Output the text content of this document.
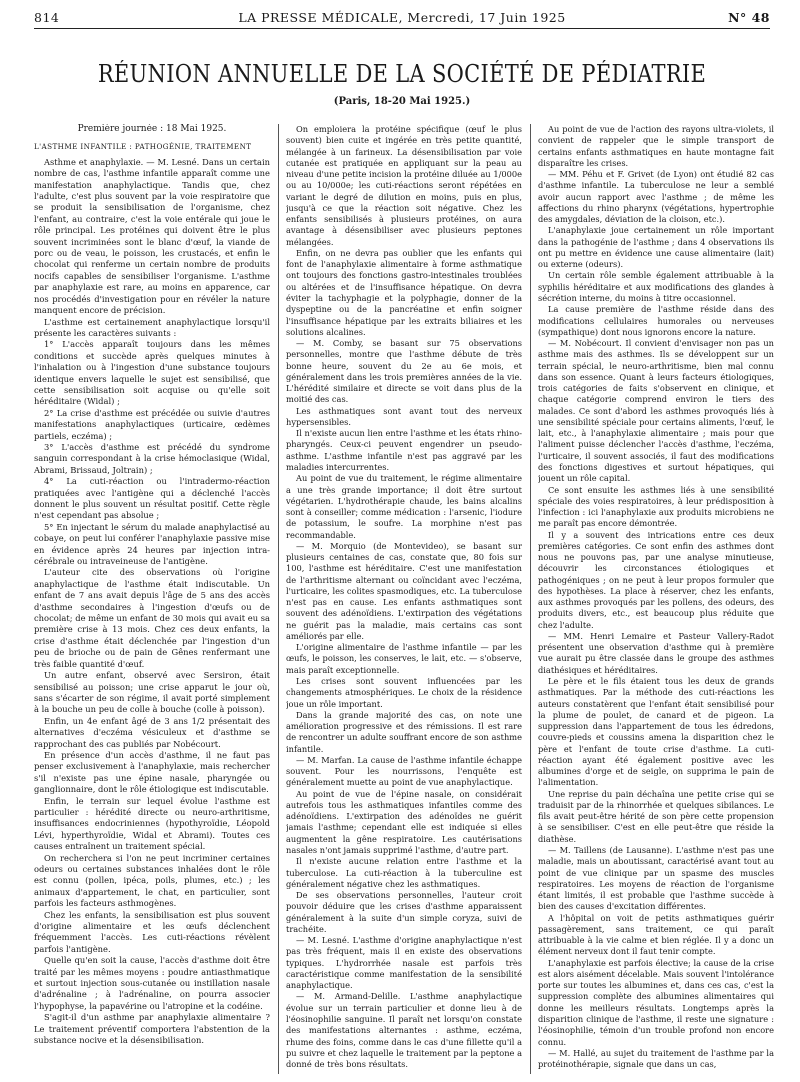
814	LA PRESSE MÉDICALE, Mercredi, 17 Juin 1925	N° 48
RÉUNION ANNUELLE DE LA SOCIÉTÉ DE PÉDIATRIE
(Paris, 18-20 Mai 1925.)
Première journée : 18 Mai 1925.
L'ASTHME INFANTILE : PATHOGÉNIE, TRAITEMENT

Asthme et anaphylaxie. — M. Lesné. Dans un certain nombre de cas, l'asthme infantile apparaît comme une manifestation anaphylactique. Tandis que, chez l'adulte, c'est plus souvent par la voie respiratoire que se produit la sensibilisation de l'organisme, chez l'enfant, au contraire, c'est la voie entérale qui joue le rôle principal. Les protéines qui doivent être le plus souvent incriminées sont le blanc d'œuf, la viande de porc ou de veau, le poisson, les crustacés, et enfin le chocolat qui renferme un certain nombre de produits nocifs capables de sensibiliser l'organisme. L'asthme par anaphylaxie est rare, au moins en apparence, car nos procédés d'investigation pour en révéler la nature manquent encore de précision.

L'asthme est certainement anaphylactique lorsqu'il présente les caractères suivants :

1° L'accès apparaît toujours dans les mêmes conditions et succède après quelques minutes à l'inhalation ou à l'ingestion d'une substance toujours identique envers laquelle le sujet est sensibilisé, que cette sensibilisation soit acquise ou qu'elle soit héréditaire (Widal) ;

2° La crise d'asthme est précédée ou suivie d'autres manifestations anaphylactiques (urticaire, œdèmes partiels, eczéma) ;

3° L'accès d'asthme est précédé du syndrome sanguin correspondant à la crise hémoclasique (Widal, Abrami, Brissaud, Joltrain) ;

4° La cuti-réaction ou l'intradermo-réaction pratiquées avec l'antigène qui a déclenché l'accès donnent le plus souvent un résultat positif. Cette règle n'est cependant pas absolue ;

5° En injectant le sérum du malade anaphylactisé au cobaye, on peut lui conférer l'anaphylaxie passive mise en évidence après 24 heures par injection intra-cérébrale ou intraveineuse de l'antigène.

L'auteur cite des observations où l'origine anaphylactique de l'asthme était indiscutable. Un enfant de 7 ans avait depuis l'âge de 5 ans des accès d'asthme secondaires à l'ingestion d'œufs ou de chocolat; de même un enfant de 30 mois qui avait eu sa première crise à 13 mois. Chez ces deux enfants, la crise d'asthme était déclenchée par l'ingestion d'un peu de brioche ou de pain de Gênes renfermant une très faible quantité d'œuf.

Un autre enfant, observé avec Sersiron, était sensibilisé au poisson; une crise apparut le jour où, sans s'écarter de son régime, il avait porté simplement à la bouche un peu de colle à bouche (colle à poisson).

Enfin, un 4e enfant âgé de 3 ans 1/2 présentait des alternatives d'eczéma vésiculeux et d'asthme se rapprochant des cas publiés par Nobécourt.

En présence d'un accès d'asthme, il ne faut pas penser exclusivement à l'anaphylaxie, mais rechercher s'il n'existe pas une épine nasale, pharyngée ou ganglionnaire, dont le rôle étiologique est indiscutable.

Enfin, le terrain sur lequel évolue l'asthme est particulier : hérédité directe ou neuro-arthritisme, insuffisances endocriniennes (hypothyroïdie, Léopold Lévi, hyperthyroïdie, Widal et Abrami). Toutes ces causes entraînent un traitement spécial.

On recherchera si l'on ne peut incriminer certaines odeurs ou certaines substances inhalées dont le rôle est connu (pollen, ipéca, poils, plumes, etc.) ; les animaux d'appartement, le chat, en particulier, sont parfois les facteurs asthmogènes.

Chez les enfants, la sensibilisation est plus souvent d'origine alimentaire et les œufs déclenchent fréquemment l'accès. Les cuti-réactions révèlent parfois l'antigène.

Quelle qu'en soit la cause, l'accès d'asthme doit être traité par les mêmes moyens : poudre antiasthmatique et surtout injection sous-cutanée ou instillation nasale d'adrénaline ; à l'adrénaline, on pourra associer l'hypophyse, la papavérine ou l'atropine et la codéine.

S'agit-il d'un asthme par anaphylaxie alimentaire ? Le traitement préventif comportera l'abstention de la substance nocive et la désensibilisation.

On emploiera la protéine spécifique (œuf le plus souvent) bien cuite et ingérée en très petite quantité, mélangée à un farineux. La désensibilisation par voie cutanée est pratiquée en appliquant sur la peau au niveau d'une petite incision la protéine diluée au 1/000e ou au 10/000e; les cuti-réactions seront répétées en variant le degré de dilution en moins, puis en plus, jusqu'à ce que la réaction soit négative. Chez les enfants sensibilisés à plusieurs protéines, on aura avantage à désensibiliser avec plusieurs peptones mélangées.

Enfin, on ne devra pas oublier que les enfants qui font de l'anaphylaxie alimentaire à forme asthmatique ont toujours des fonctions gastro-intestinales troublées ou altérées et de l'insuffisance hépatique. On devra éviter la tachyphagie et la polyphagie, donner de la dyspeptine ou de la pancréatine et enfin soigner l'insuffisance hépatique par les extraits biliaires et les solutions alcalines.

— M. Comby, se basant sur 75 observations personnelles, montre que l'asthme débute de très bonne heure, souvent du 2e au 6e mois, et généralement dans les trois premières années de la vie. L'hérédité similaire et directe se voit dans plus de la moitié des cas.

Les asthmatiques sont avant tout des nerveux hypersensibles.

Il n'existe aucun lien entre l'asthme et les états rhino-pharyngés. Ceux-ci peuvent engendrer un pseudo-asthme. L'asthme infantile n'est pas aggravé par les maladies intercurrentes.

Au point de vue du traitement, le régime alimentaire a une très grande importance; il doit être surtout végétarien. L'hydrothérapie chaude, les bains alcalins sont à conseiller; comme médication : l'arsenic, l'iodure de potassium, le soufre. La morphine n'est pas recommandable.

— M. Morquio (de Montevideo), se basant sur plusieurs centaines de cas, constate que, 80 fois sur 100, l'asthme est héréditaire. C'est une manifestation de l'arthritisme alternant ou coïncidant avec l'eczéma, l'urticaire, les colites spasmodiques, etc. La tuberculose n'est pas en cause. Les enfants asthmatiques sont souvent des adénoïdiens. L'extirpation des végétations ne guérit pas la maladie, mais certains cas sont améliorés par elle.

L'origine alimentaire de l'asthme infantile — par les œufs, le poisson, les conserves, le lait, etc. — s'observe, mais paraît exceptionnelle.

Les crises sont souvent influencées par les changements atmosphériques. Le choix de la résidence joue un rôle important.

Dans la grande majorité des cas, on note une amélioration progressive et des rémissions. Il est rare de rencontrer un adulte souffrant encore de son asthme infantile.

— M. Marfan. La cause de l'asthme infantile échappe souvent. Pour les nourrissons, l'enquête est généralement muette au point de vue anaphylactique.

Au point de vue de l'épine nasale, on considérait autrefois tous les asthmatiques infantiles comme des adénoïdiens. L'extirpation des adénoïdes ne guérit jamais l'asthme; cependant elle est indiquée si elles augmentent la gêne respiratoire. Les cautérisations nasales n'ont jamais supprimé l'asthme, d'autre part.

Il n'existe aucune relation entre l'asthme et la tuberculose. La cuti-réaction à la tuberculine est généralement négative chez les asthmatiques.

De ses observations personnelles, l'auteur croit pouvoir déduire que les crises d'asthme apparaissent généralement à la suite d'un simple coryza, suivi de trachéite.

— M. Lesné. L'asthme d'origine anaphylactique n'est pas très fréquent, mais il en existe des observations typiques. L'hydrorrhée nasale est parfois très caractéristique comme manifestation de la sensibilité anaphylactique.

— M. Armand-Delille. L'asthme anaphylactique évolue sur un terrain particulier et donne lieu à de l'éosinophilie sanguine. Il paraît net lorsqu'on constate des manifestations alternantes : asthme, eczéma, rhume des foins, comme dans le cas d'une fillette qu'il a pu suivre et chez laquelle le traitement par la peptone a donné de très bons résultats.

Au point de vue de l'action des rayons ultra-violets, il convient de rappeler que le simple transport de certains enfants asthmatiques en haute montagne fait disparaître les crises.

— MM. Péhu et F. Grivet (de Lyon) ont étudié 82 cas d'asthme infantile. La tuberculose ne leur a semblé avoir aucun rapport avec l'asthme ; de même les affections du rhino pharynx (végétations, hypertrophie des amygdales, déviation de la cloison, etc.).

L'anaphylaxie joue certainement un rôle important dans la pathogénie de l'asthme ; dans 4 observations ils ont pu mettre en évidence une cause alimentaire (lait) ou externe (odeurs).

Un certain rôle semble également attribuable à la syphilis héréditaire et aux modifications des glandes à sécrétion interne, du moins à titre occasionnel.

La cause première de l'asthme réside dans des modifications cellulaires humorales ou nerveuses (sympathique) dont nous ignorons encore la nature.

— M. Nobécourt. Il convient d'envisager non pas un asthme mais des asthmes. Ils se développent sur un terrain spécial, le neuro-arthritisme, bien mal connu dans son essence. Quant à leurs facteurs étiologiques, trois catégories de faits s'observent en clinique, et chaque catégorie comprend environ le tiers des malades. Ce sont d'abord les asthmes provoqués liés à une sensibilité spéciale pour certains aliments, l'œuf, le lait, etc., à l'anaphylaxie alimentaire ; mais pour que l'aliment puisse déclencher l'accès d'asthme, l'eczéma, l'urticaire, il souvent associés, il faut des modifications des fonctions digestives et surtout hépatiques, qui jouent un rôle capital.

Ce sont ensuite les asthmes liés à une sensibilité spéciale des voies respiratoires, à leur prédisposition à l'infection : ici l'anaphylaxie aux produits microbiens ne me paraît pas encore démontrée.

Il y a souvent des intrications entre ces deux premières catégories. Ce sont enfin des asthmes dont nous ne pouvons pas, par une analyse minutieuse, découvrir les circonstances étiologiques et pathogéniques ; on ne peut à leur propos formuler que des hypothèses. La place à réserver, chez les enfants, aux asthmes provoqués par les pollens, des odeurs, des produits divers, etc., est beaucoup plus réduite que chez l'adulte.

— MM. Henri Lemaire et Pasteur Vallery-Radot présentent une observation d'asthme qui à première vue aurait pu être classée dans le groupe des asthmes diathésiques et héréditaires.

Le père et le fils étaient tous les deux de grands asthmatiques. Par la méthode des cuti-réactions les auteurs constatèrent que l'enfant était sensibilisé pour la plume de poulet, de canard et de pigeon. La suppression dans l'appartement de tous les édredons, couvre-pieds et coussins amena la disparition chez le père et l'enfant de toute crise d'asthme. La cuti-réaction ayant été également positive avec les albumines d'orge et de seigle, on supprima le pain de l'alimentation.

Une reprise du pain déchaîna une petite crise qui se traduisit par de la rhinorrhée et quelques sibilances. Le fils avait peut-être hérité de son père cette propension à se sensibiliser. C'est en elle peut-être que réside la diathèse.

— M. Taillens (de Lausanne). L'asthme n'est pas une maladie, mais un aboutissant, caractérisé avant tout au point de vue clinique par un spasme des muscles respiratoires. Les moyens de réaction de l'organisme étant limités, il est probable que l'asthme succède à bien des causes d'excitation différentes.

A l'hôpital on voit de petits asthmatiques guérir passagèrement, sans traitement, ce qui paraît attribuable à la vie calme et bien réglée. Il y a donc un élément nerveux dont il faut tenir compte.

L'anaphylaxie est parfois élective; la cause de la crise est alors aisément décelable. Mais souvent l'intolérance porte sur toutes les albumines et, dans ces cas, c'est la suppression complète des albumines alimentaires qui donne les meilleurs résultats. Longtemps après la disparition clinique de l'asthme, il reste une signature : l'éosinophilie, témoin d'un trouble profond non encore connu.

— M. Hallé, au sujet du traitement de l'asthme par la protéinothérapie, signale que dans un cas,
